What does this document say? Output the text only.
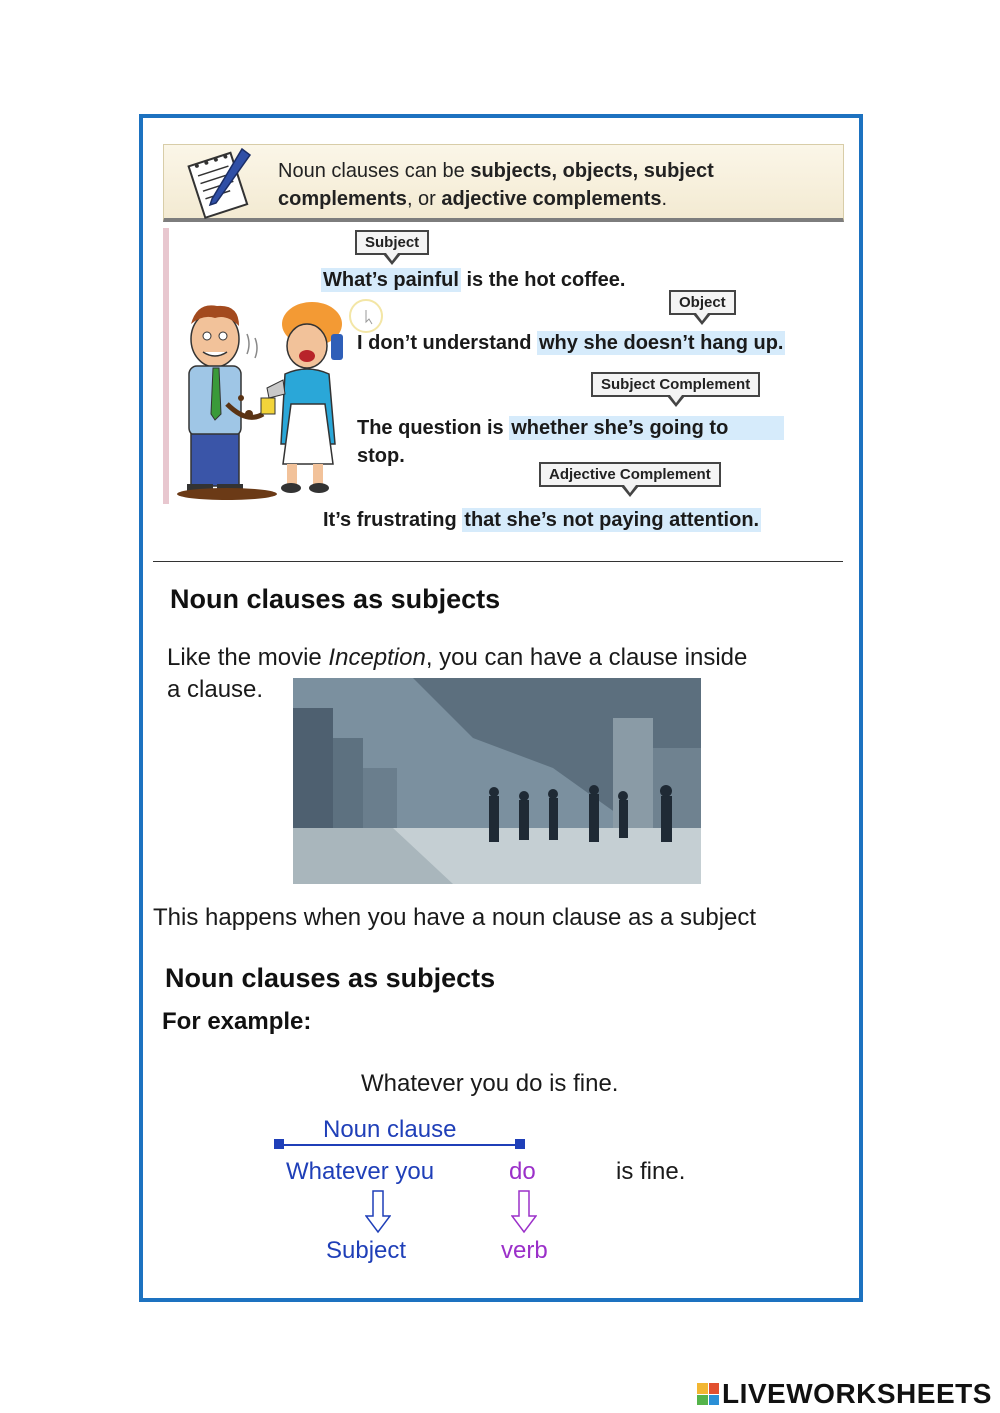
Noun clauses can be subjects, objects, subject complements, or adjective complements.
Subject
What’s painful is the hot coffee.
Object
I don’t understand why she doesn’t hang up.
Subject Complement
The question is whether she’s going to
stop.
Adjective Complement
It’s frustrating that she’s not paying attention.
Noun clauses as subjects
Like the movie Inception, you can have a clause inside
a clause.
This happens when you have a noun clause as a subject
Noun clauses as subjects
For example:
Whatever you do is fine.
Noun clause
Whatever you	do	is fine.
Subject	verb
LIVEWORKSHEETS
